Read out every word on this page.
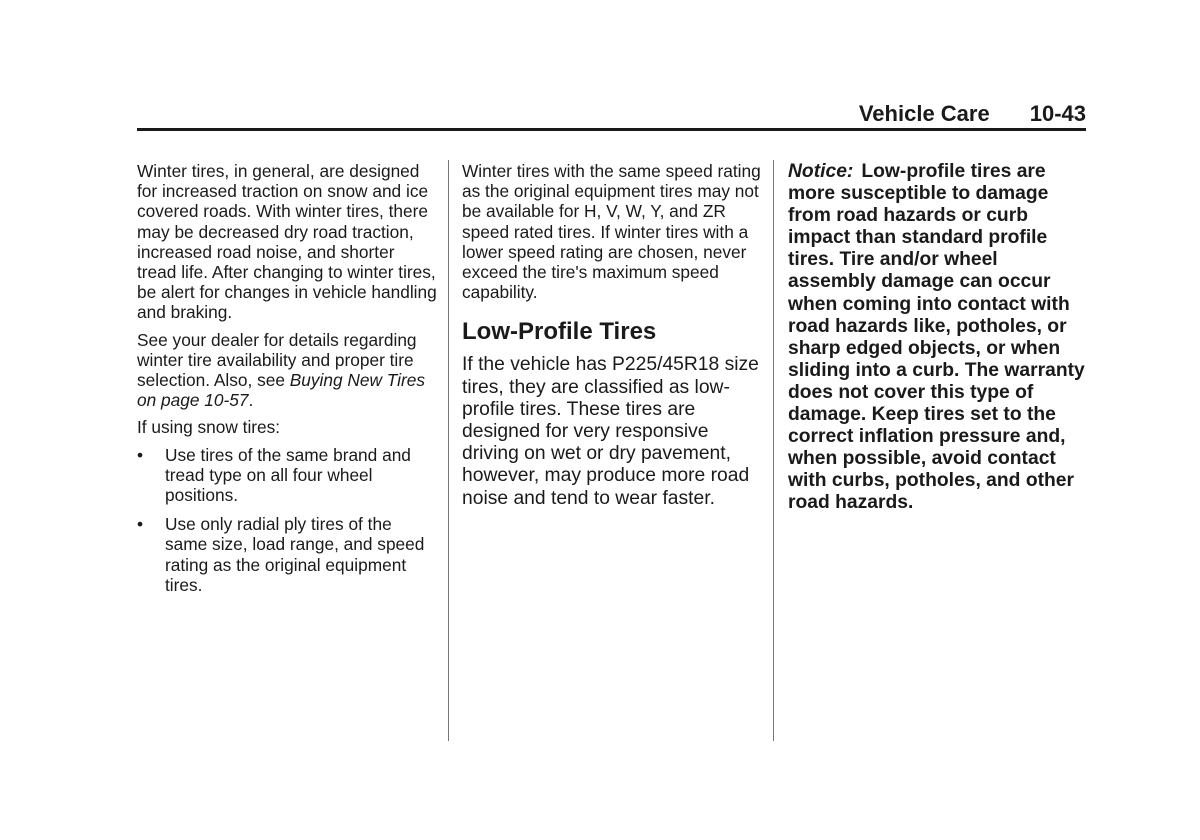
Vehicle Care 10-43

Winter tires, in general, are designed for increased traction on snow and ice covered roads. With winter tires, there may be decreased dry road traction, increased road noise, and shorter tread life. After changing to winter tires, be alert for changes in vehicle handling and braking.

See your dealer for details regarding winter tire availability and proper tire selection. Also, see Buying New Tires on page 10-57.

If using snow tires:

• Use tires of the same brand and tread type on all four wheel positions.
• Use only radial ply tires of the same size, load range, and speed rating as the original equipment tires.

Winter tires with the same speed rating as the original equipment tires may not be available for H, V, W, Y, and ZR speed rated tires. If winter tires with a lower speed rating are chosen, never exceed the tire's maximum speed capability.

Low-Profile Tires

If the vehicle has P225/45R18 size tires, they are classified as low-profile tires. These tires are designed for very responsive driving on wet or dry pavement, however, may produce more road noise and tend to wear faster.

Notice: Low-profile tires are more susceptible to damage from road hazards or curb impact than standard profile tires. Tire and/or wheel assembly damage can occur when coming into contact with road hazards like, potholes, or sharp edged objects, or when sliding into a curb. The warranty does not cover this type of damage. Keep tires set to the correct inflation pressure and, when possible, avoid contact with curbs, potholes, and other road hazards.
